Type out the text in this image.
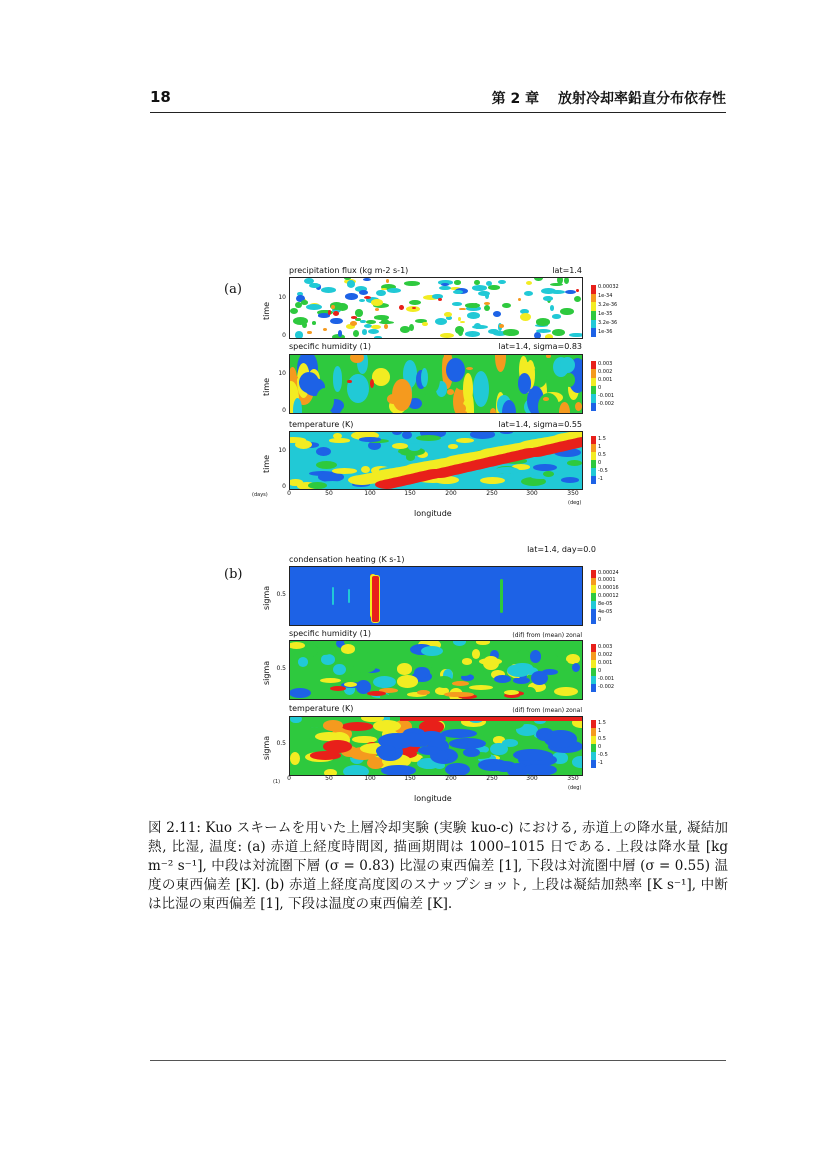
18	第 2 章　 放射冷却率鉛直分布依存性
(a)
precipitation flux (kg m-2 s-1)	lat=1.4
time
10
0
0.00032
1e-34
3.2e-36
1e-35
3.2e-36
1e-36
specific humidity (1)	lat=1.4, sigma=0.83
time
10
0
0.003
0.002
0.001
0
-0.001
-0.002
temperature (K)	lat=1.4, sigma=0.55
time
10
0
1.5
1
0.5
0
-0.5
-1
(days)	0	50	100	150	200	250	300	350
(deg)
longitude
lat=1.4, day=0.0
(b)
condensation heating (K s-1)
sigma 0.5
0.00024
0.0001
0.00016
0.00012
8e-05
4e-05
0
specific humidity (1)	(dif) from (mean) zonal
sigma 0.5
0.003
0.002
0.001
0
-0.001
-0.002
temperature (K)	(dif) from (mean) zonal
sigma 0.5
1.5
1
0.5
0
-0.5
-1
(1)	0	50	100	150	200	250	300	350
(deg)
longitude
図 2.11: Kuo スキームを用いた上層冷却実験 (実験 kuo-c) における, 赤道上の降水量, 凝結加熱, 比湿, 温度: (a) 赤道上経度時間図, 描画期間は 1000–1015 日である. 上段は降水量 [kg m⁻² s⁻¹], 中段は対流圏下層 (σ = 0.83) 比湿の東西偏差 [1], 下段は対流圏中層 (σ = 0.55) 温度の東西偏差 [K]. (b) 赤道上経度高度図のスナップショット, 上段は凝結加熱率 [K s⁻¹], 中断は比湿の東西偏差 [1], 下段は温度の東西偏差 [K].
